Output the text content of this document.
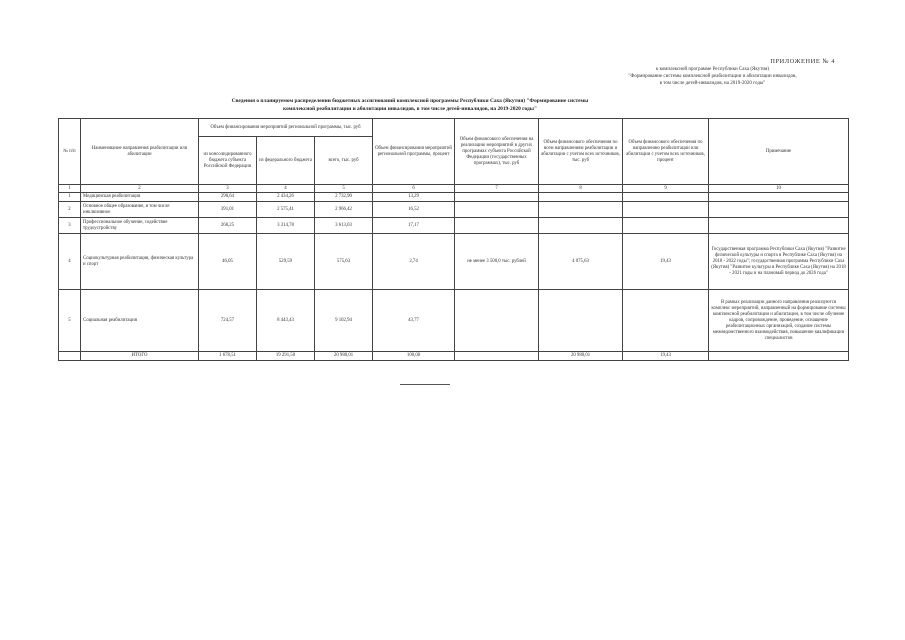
ПРИЛОЖЕНИЕ № 4
к комплексной программе Республики Саха (Якутия)
"Формирование системы комплексной реабилитации и абилитации инвалидов,
в том числе детей-инвалидов, на 2019-2020 годы"
Сведения о планируемом распределении бюджетных ассигнований комплексной программы Республики Саха (Якутия) "Формирование системы
комплексной реабилитации и абилитации инвалидов, в том числе детей-инвалидов, на 2019-2020 годы"
№ п/п	Наименование направления реабилитации или абилитации	Объем финансирования мероприятий региональной программы, тыс. руб			Объем финансирования мероприятий региональной программы, процент	Объем финансового обеспечения на реализацию мероприятий в других программах субъекта Российской Федерации (государственных программах), тыс. руб	Объем финансового обеспечения по всем направлениям реабилитации и абилитации с учетом всех источников, тыс. руб	Объем финансового обеспечения по направлению реабилитации или абилитации с учетом всех источников, процент	Примечание
		из консолидированного бюджета субъекта Российской Федерации	из федерального бюджета	всего, тыс. руб					
1	2	3	4	5	6	7	8	9	10
1	Медицинская реабилитация	298,64	2 434,26	2 732,90	13,29				
2	Основное общее образование, в том числе инклюзивное	391,01	2 575,41	2 966,42	16,52				
3	Профессиональное обучение, содействие трудоустройству	268,25	3 314,78	3 613,03	17,17				
4	Социокультурная реабилитация, физическая культура и спорт	46,05	529,59	575,63	2,74	не менее 3 500,0 тыс. рублей	4 075,63	19,43	Государственная программа Республики Саха (Якутия) "Развитие физической культуры и спорта в Республике Саха (Якутия) на 2018 - 2022 годы"; государственная программа Республики Саха (Якутия) "Развитие культуры в Республике Саха (Якутия) на 2018 - 2021 годы и на плановый период до 2026 года"
5	Социальная реабилитация	724,57	8 443,43	9 102,94	43,77				В рамках реализации данного направления реализуются комплекс мероприятий, направленный на формирование системы комплексной реабилитации и абилитации, в том числе обучение кадров, сопровождение, проведение, оснащение реабилитационных организаций, создание системы межведомственного взаимодействия, повышение квалификации специалистов
	ИТОГО	1 678,51	19 291,50	20 980,01	100,00		20 980,01	19,43	
